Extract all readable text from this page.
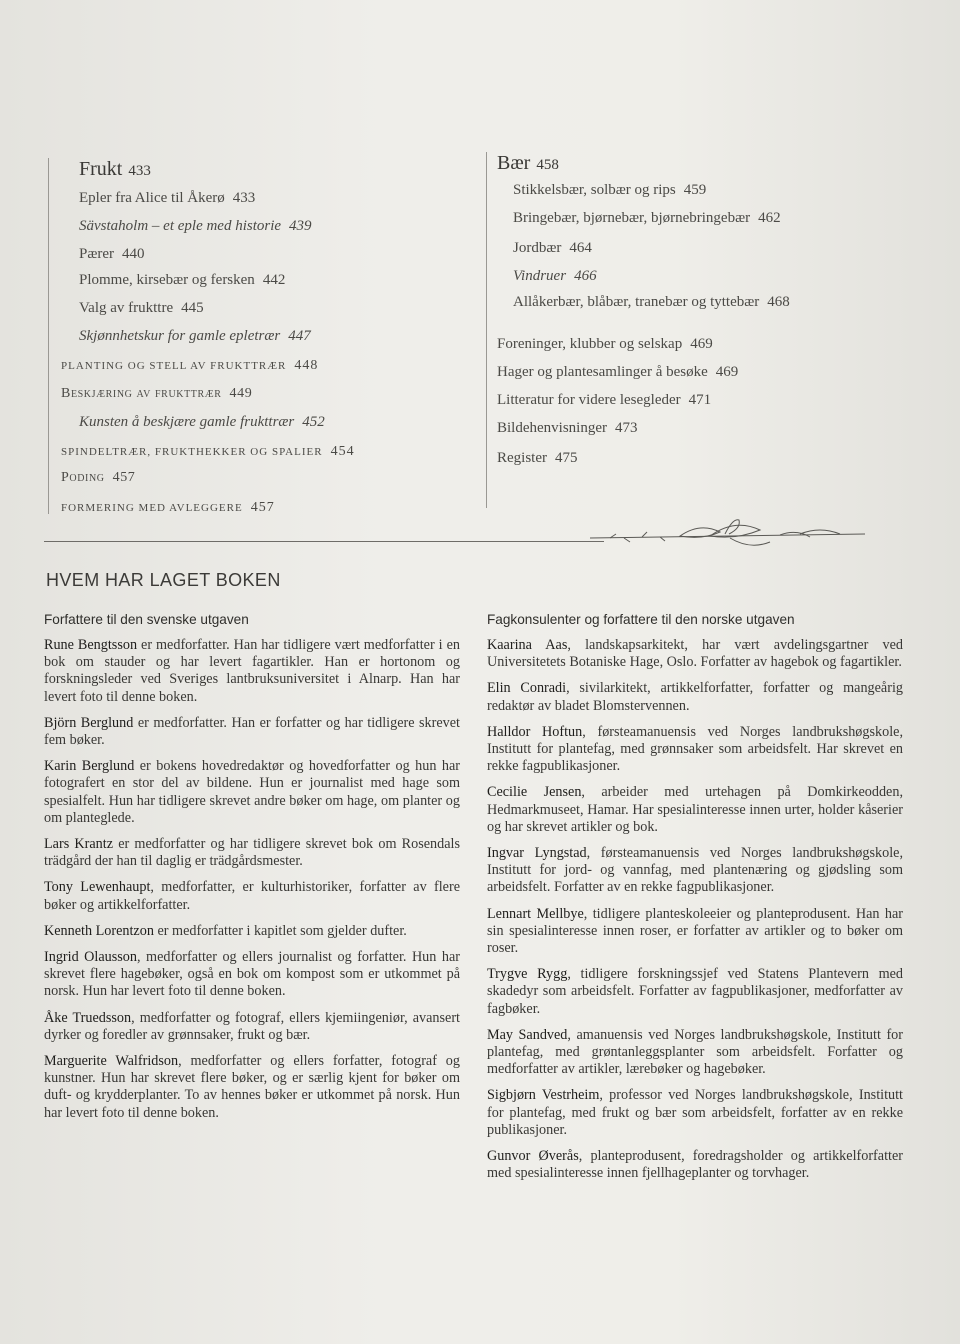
Frukt 433
Epler fra Alice til Åkerø 433
Sävstaholm – et eple med historie 439
Pærer 440
Plomme, kirsebær og fersken 442
Valg av frukttre 445
Skjønnhetskur for gamle epletrær 447
PLANTING OG STELL AV FRUKTTRÆR 448
Beskjæring av frukttrær 449
Kunsten å beskjære gamle frukttrær 452
SPINDELTRÆR, FRUKTHEKKER OG SPALIER 454
Poding 457
FORMERING MED AVLEGGERE 457
Bær 458
Stikkelsbær, solbær og rips 459
Bringebær, bjørnebær, bjørnebringebær 462
Jordbær 464
Vindruer 466
Allåkerbær, blåbær, tranebær og tyttebær 468
Foreninger, klubber og selskap 469
Hager og plantesamlinger å besøke 469
Litteratur for videre lesegleder 471
Bildehenvisninger 473
Register 475
HVEM HAR LAGET BOKEN
Forfattere til den svenske utgaven
Rune Bengtsson er medforfatter. Han har tidligere vært medforfatter i en bok om stauder og har levert fagartikler. Han er hortonom og forskningsleder ved Sveriges lantbruksuniversitet i Alnarp. Han har levert foto til denne boken.
Björn Berglund er medforfatter. Han er forfatter og har tidligere skrevet fem bøker.
Karin Berglund er bokens hovedredaktør og hovedforfatter og hun har fotografert en stor del av bildene. Hun er journalist med hage som spesialfelt. Hun har tidligere skrevet andre bøker om hage, om planter og om planteglede.
Lars Krantz er medforfatter og har tidligere skrevet bok om Rosendals trädgård der han til daglig er trädgårdsmester.
Tony Lewenhaupt, medforfatter, er kulturhistoriker, forfatter av flere bøker og artikkelforfatter.
Kenneth Lorentzon er medforfatter i kapitlet som gjelder dufter.
Ingrid Olausson, medforfatter og ellers journalist og forfatter. Hun har skrevet flere hagebøker, også en bok om kompost som er utkommet på norsk. Hun har levert foto til denne boken.
Åke Truedsson, medforfatter og fotograf, ellers kjemiingeniør, avansert dyrker og foredler av grønnsaker, frukt og bær.
Marguerite Walfridson, medforfatter og ellers forfatter, fotograf og kunstner. Hun har skrevet flere bøker, og er særlig kjent for bøker om duft- og krydderplanter. To av hennes bøker er utkommet på norsk. Hun har levert foto til denne boken.
Fagkonsulenter og forfattere til den norske utgaven
Kaarina Aas, landskapsarkitekt, har vært avdelingsgartner ved Universitetets Botaniske Hage, Oslo. Forfatter av hagebok og fagartikler.
Elin Conradi, sivilarkitekt, artikkelforfatter, forfatter og mangeårig redaktør av bladet Blomstervennen.
Halldor Hoftun, førsteamanuensis ved Norges landbrukshøgskole, Institutt for plantefag, med grønnsaker som arbeidsfelt. Har skrevet en rekke fagpublikasjoner.
Cecilie Jensen, arbeider med urtehagen på Domkirkeodden, Hedmarkmuseet, Hamar. Har spesialinteresse innen urter, holder kåserier og har skrevet artikler og bok.
Ingvar Lyngstad, førsteamanuensis ved Norges landbrukshøgskole, Institutt for jord- og vannfag, med plantenæring og gjødsling som arbeidsfelt. Forfatter av en rekke fagpublikasjoner.
Lennart Mellbye, tidligere planteskoleeier og planteprodusent. Han har sin spesialinteresse innen roser, er forfatter av artikler og to bøker om roser.
Trygve Rygg, tidligere forskningssjef ved Statens Plantevern med skadedyr som arbeidsfelt. Forfatter av fagpublikasjoner, medforfatter av fagbøker.
May Sandved, amanuensis ved Norges landbrukshøgskole, Institutt for plantefag, med grøntanleggsplanter som arbeidsfelt. Forfatter og medforfatter av artikler, lærebøker og hagebøker.
Sigbjørn Vestrheim, professor ved Norges landbrukshøgskole, Institutt for plantefag, med frukt og bær som arbeidsfelt, forfatter av en rekke publikasjoner.
Gunvor Øverås, planteprodusent, foredragsholder og artikkelforfatter med spesialinteresse innen fjellhageplanter og torvhager.
